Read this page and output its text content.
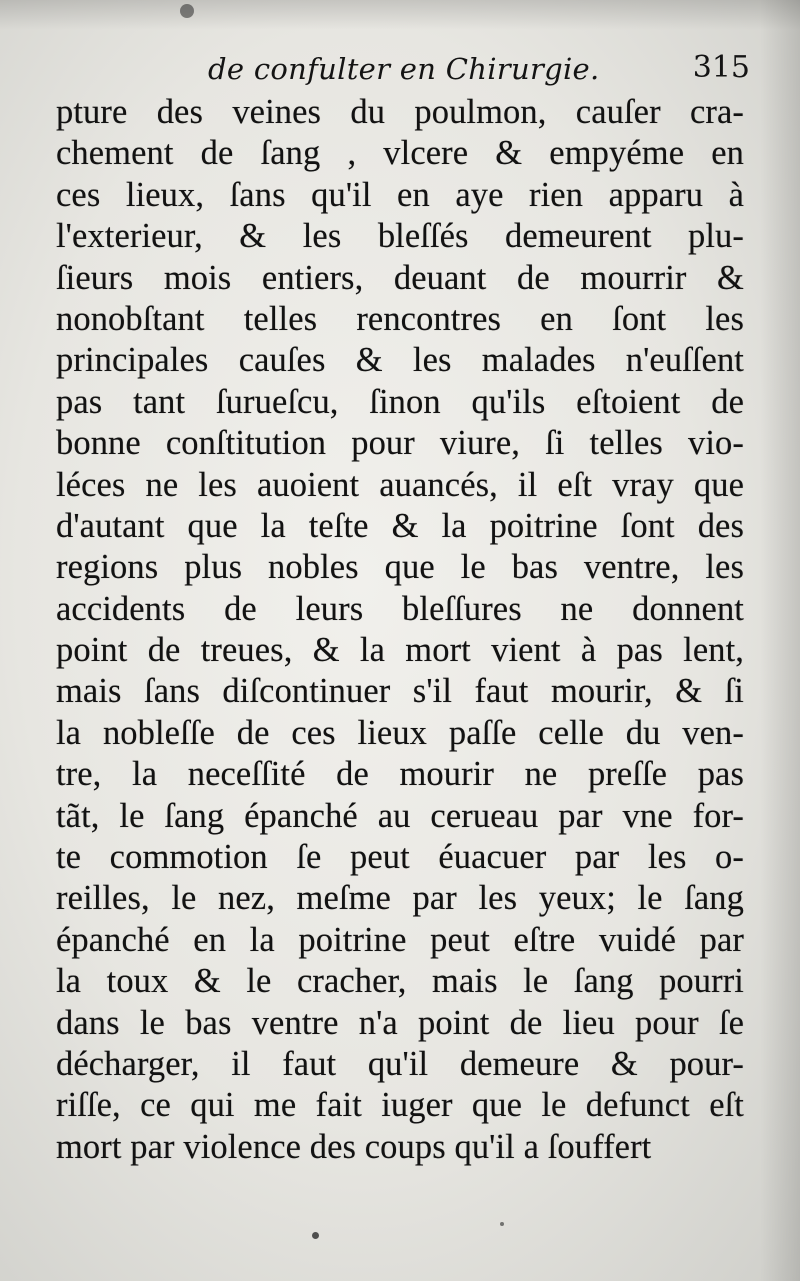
de confulter en Chirurgie.	315
pture des veines du poulmon, cauſer cra-
chement de ſang , vlcere & empyéme en
ces lieux, ſans qu'il en aye rien apparu à
l'exterieur, & les bleſſés demeurent plu-
ſieurs mois entiers, deuant de mourrir &
nonobſtant telles rencontres en ſont les
principales cauſes & les malades n'euſſent
pas tant ſurueſcu, ſinon qu'ils eſtoient de
bonne conſtitution pour viure, ſi telles vio-
léces ne les auoient auancés, il eſt vray que
d'autant que la teſte & la poitrine ſont des
regions plus nobles que le bas ventre, les
accidents de leurs bleſſures ne donnent
point de treues, & la mort vient à pas lent,
mais ſans diſcontinuer s'il faut mourir, & ſi
la nobleſſe de ces lieux paſſe celle du ven-
tre, la neceſſité de mourir ne preſſe pas
tãt, le ſang épanché au cerueau par vne for-
te commotion ſe peut éuacuer par les o-
reilles, le nez, meſme par les yeux; le ſang
épanché en la poitrine peut eſtre vuidé par
la toux & le cracher, mais le ſang pourri
dans le bas ventre n'a point de lieu pour ſe
décharger, il faut qu'il demeure & pour-
riſſe, ce qui me fait iuger que le defunct eſt
mort par violence des coups qu'il a ſouffert
